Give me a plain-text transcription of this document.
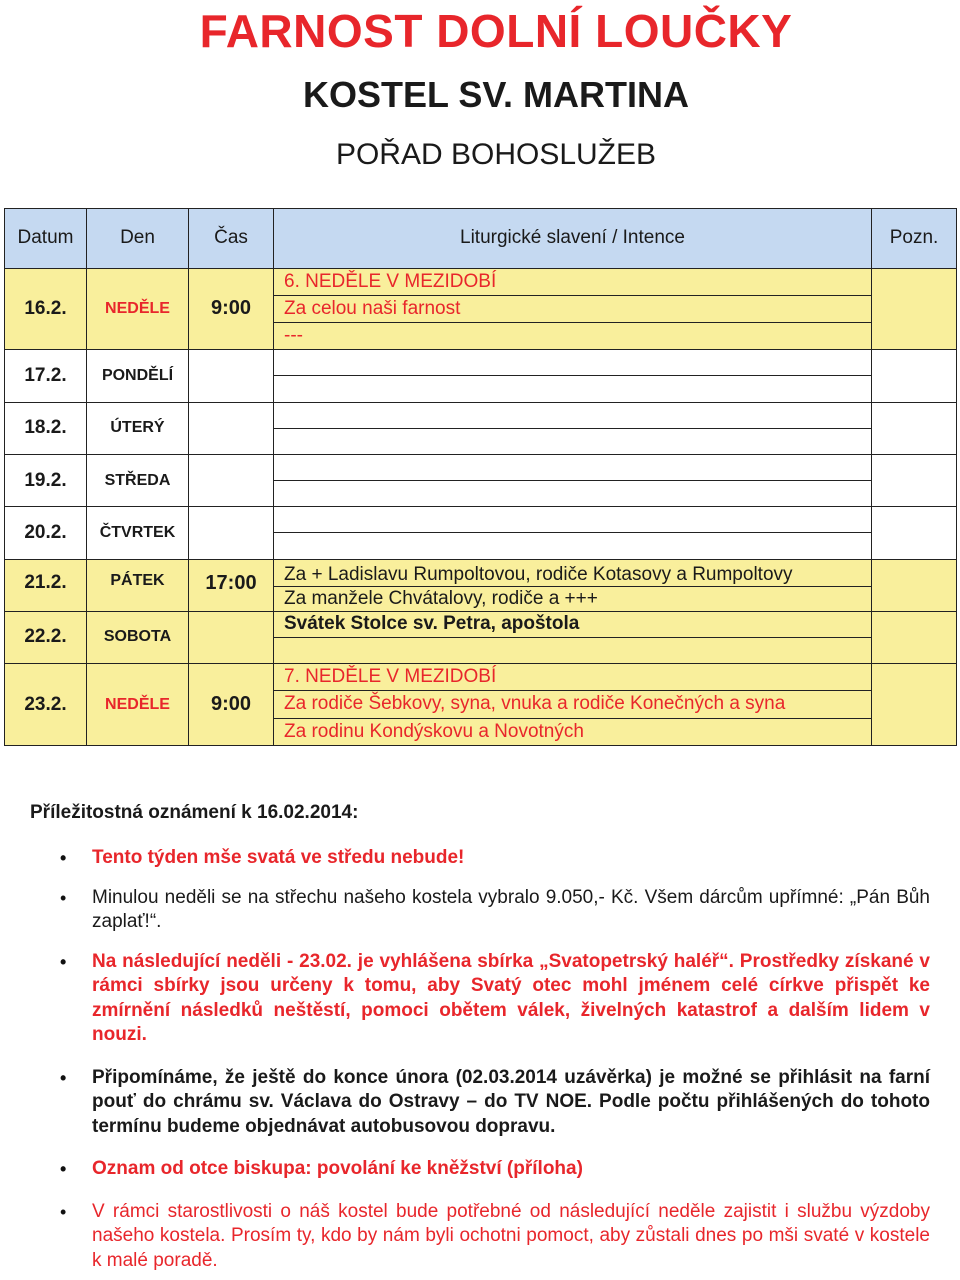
FARNOST DOLNÍ LOUČKY
KOSTEL SV. MARTINA
POŘAD BOHOSLUŽEB
Datum	Den	Čas	Liturgické slavení / Intence	Pozn.
16.2.	NEDĚLE	9:00	6. NEDĚLE V MEZIDOBÍ	
			Za celou naši farnost	
			---	
17.2.	PONDĚLÍ			

18.2.	ÚTERÝ			

19.2.	STŘEDA			

20.2.	ČTVRTEK			

21.2.	PÁTEK	17:00	Za + Ladislavu Rumpoltovou, rodiče Kotasovy a Rumpoltovy	
			Za manžele Chvátalovy, rodiče a +++	
22.2.	SOBOTA		Svátek Stolce sv. Petra, apoštola	

23.2.	NEDĚLE	9:00	7. NEDĚLE V MEZIDOBÍ	
			Za rodiče Šebkovy, syna, vnuka a rodiče Konečných a syna	
			Za rodinu Kondýskovu a Novotných	
Příležitostná oznámení k 16.02.2014:
• Tento týden mše svatá ve středu nebude!
• Minulou neděli se na střechu našeho kostela vybralo 9.050,- Kč. Všem dárcům upřímné: „Pán Bůh zaplať!“.
• Na následující neděli - 23.02. je vyhlášena sbírka „Svatopetrský haléř“. Prostředky získané v rámci sbírky jsou určeny k tomu, aby Svatý otec mohl jménem celé církve přispět ke zmírnění následků neštěstí, pomoci obětem válek, živelných katastrof a dalším lidem v nouzi.
• Připomínáme, že ještě do konce února (02.03.2014 uzávěrka) je možné se přihlásit na farní pouť do chrámu sv. Václava do Ostravy – do TV NOE. Podle počtu přihlášených do tohoto termínu budeme objednávat autobusovou dopravu.
• Oznam od otce biskupa: povolání ke kněžství (příloha)
• V rámci starostlivosti o náš kostel bude potřebné od následující neděle zajistit i službu výzdoby našeho kostela. Prosím ty, kdo by nám byli ochotni pomoct, aby zůstali dnes po mši svaté v kostele k malé poradě.
